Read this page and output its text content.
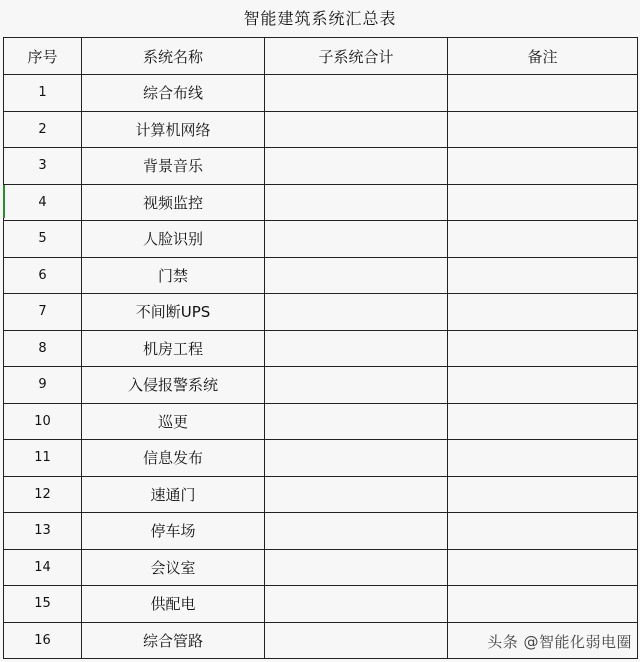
智能建筑系统汇总表
序号	系统名称	子系统合计	备注
1	综合布线		
2	计算机网络		
3	背景音乐		
4	视频监控		
5	人脸识别		
6	门禁		
7	不间断UPS		
8	机房工程		
9	入侵报警系统		
10	巡更		
11	信息发布		
12	速通门		
13	停车场		
14	会议室		
15	供配电		
16	综合管路			头条 @智能化弱电圈
